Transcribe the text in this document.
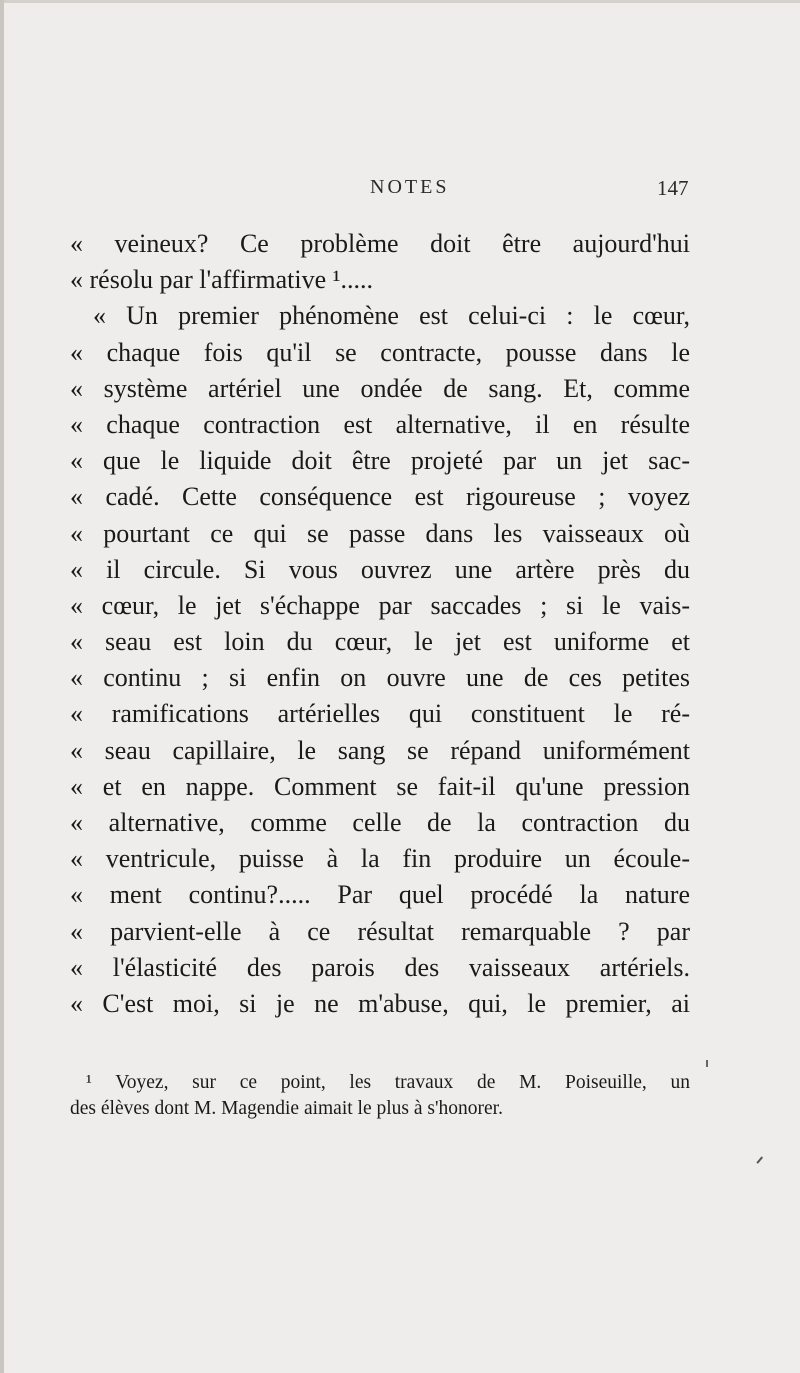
NOTES	147
« veineux? Ce problème doit être aujourd'hui
« résolu par l'affirmative ¹.....
« Un premier phénomène est celui-ci : le cœur,
« chaque fois qu'il se contracte, pousse dans le
« système artériel une ondée de sang. Et, comme
« chaque contraction est alternative, il en résulte
« que le liquide doit être projeté par un jet sac-
« cadé. Cette conséquence est rigoureuse ; voyez
« pourtant ce qui se passe dans les vaisseaux où
« il circule. Si vous ouvrez une artère près du
« cœur, le jet s'échappe par saccades ; si le vais-
« seau est loin du cœur, le jet est uniforme et
« continu ; si enfin on ouvre une de ces petites
« ramifications artérielles qui constituent le ré-
« seau capillaire, le sang se répand uniformément
« et en nappe. Comment se fait-il qu'une pression
« alternative, comme celle de la contraction du
« ventricule, puisse à la fin produire un écoule-
« ment continu?..... Par quel procédé la nature
« parvient-elle à ce résultat remarquable ? par
« l'élasticité des parois des vaisseaux artériels.
« C'est moi, si je ne m'abuse, qui, le premier, ai
¹ Voyez, sur ce point, les travaux de M. Poiseuille, un
des élèves dont M. Magendie aimait le plus à s'honorer.
